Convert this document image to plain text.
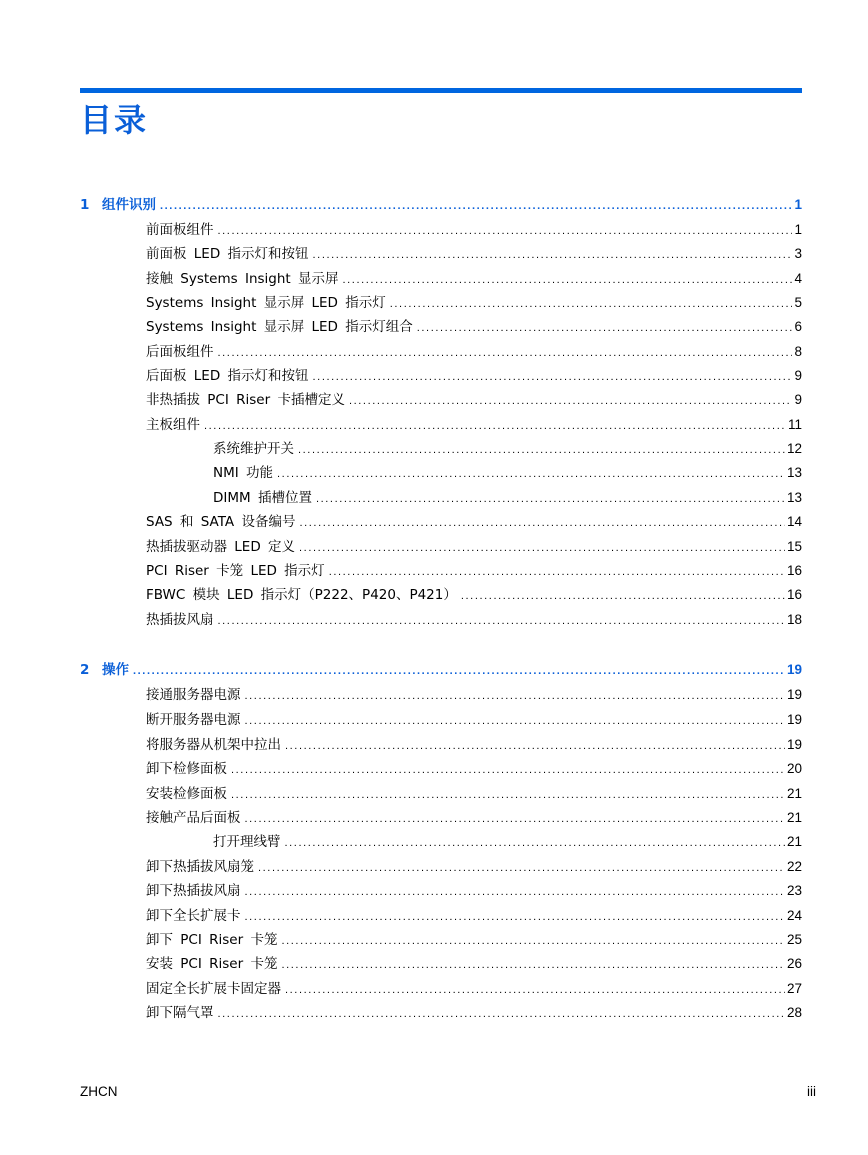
目录
1 组件识别 .....	1
前面板组件 .....	1
前面板 LED 指示灯和按钮 .....	3
接触 Systems Insight 显示屏 .....	4
Systems Insight 显示屏 LED 指示灯 .....	5
Systems Insight 显示屏 LED 指示灯组合 .....	6
后面板组件 .....	8
后面板 LED 指示灯和按钮 .....	9
非热插拔 PCI Riser 卡插槽定义 .....	9
主板组件 .....	11
系统维护开关 .....	12
NMI 功能 .....	13
DIMM 插槽位置 .....	13
SAS 和 SATA 设备编号 .....	14
热插拔驱动器 LED 定义 .....	15
PCI Riser 卡笼 LED 指示灯 .....	16
FBWC 模块 LED 指示灯（P222、P420、P421） .....	16
热插拔风扇 .....	18
2 操作 .....	19
接通服务器电源 .....	19
断开服务器电源 .....	19
将服务器从机架中拉出 .....	19
卸下检修面板 .....	20
安装检修面板 .....	21
接触产品后面板 .....	21
打开理线臂 .....	21
卸下热插拔风扇笼 .....	22
卸下热插拔风扇 .....	23
卸下全长扩展卡 .....	24
卸下 PCI Riser 卡笼 .....	25
安装 PCI Riser 卡笼 .....	26
固定全长扩展卡固定器 .....	27
卸下隔气罩 .....	28
ZHCN	iii
